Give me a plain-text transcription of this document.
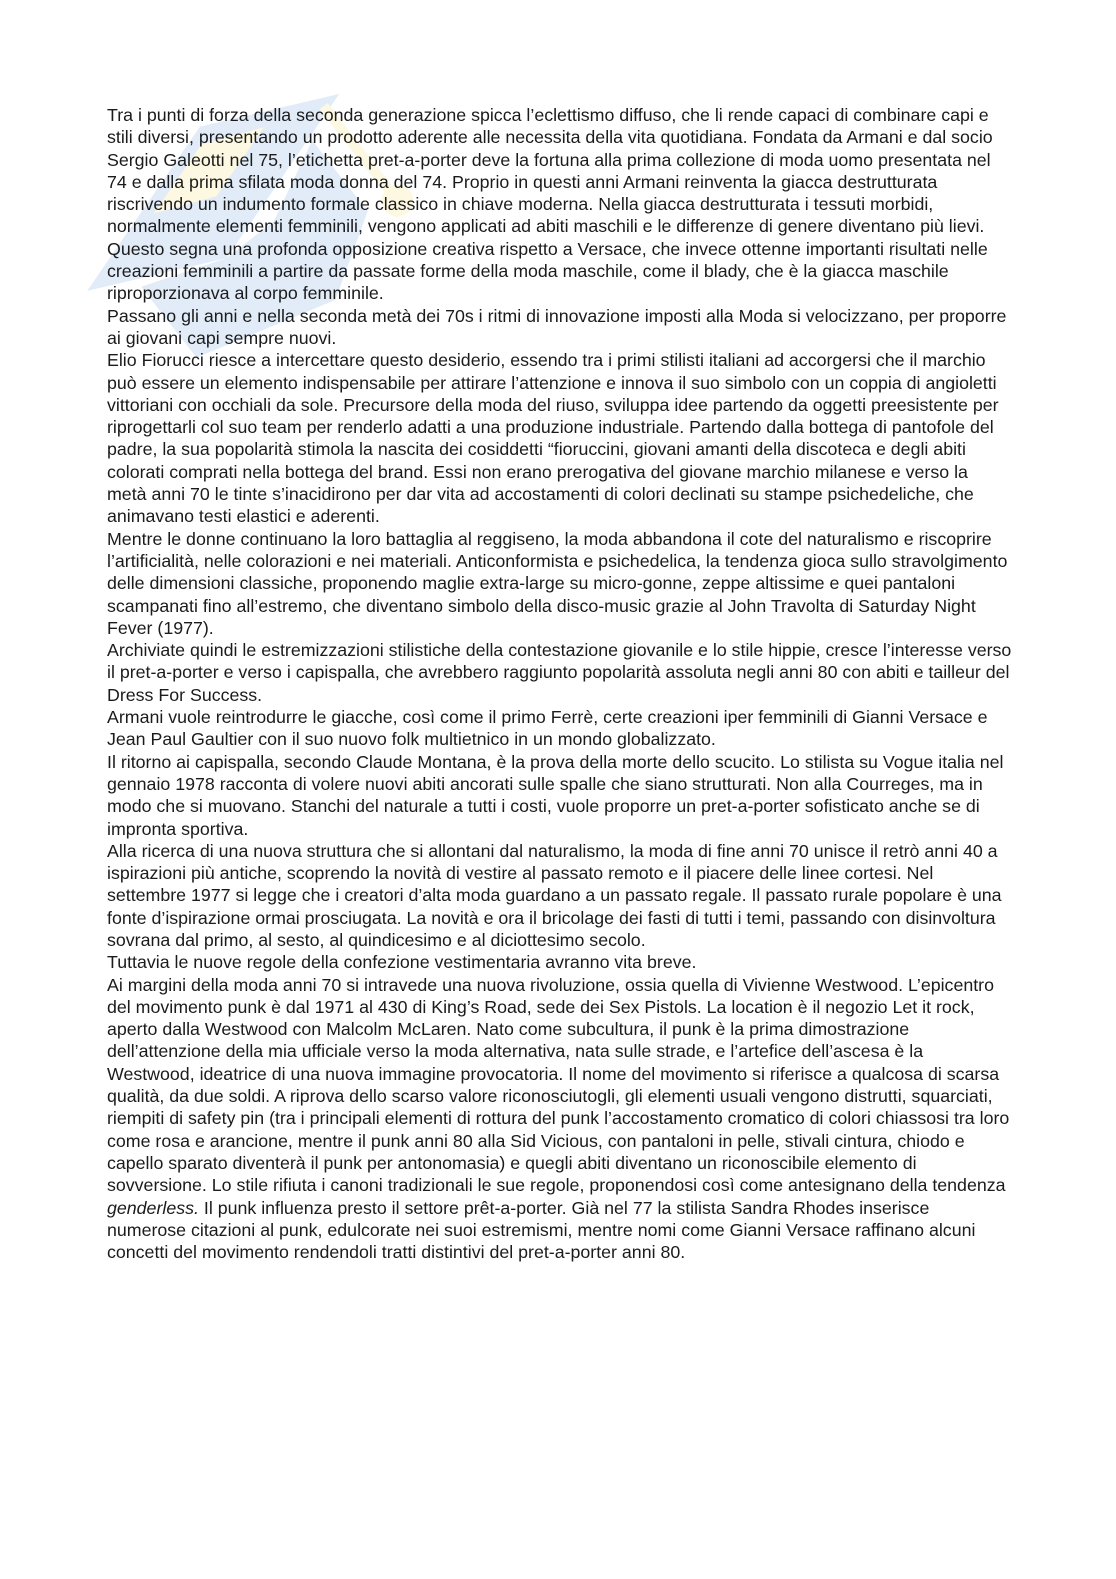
Tra i punti di forza della seconda generazione spicca l’eclettismo diffuso, che li rende capaci di combinare capi e stili diversi, presentando un prodotto aderente alle necessita della vita quotidiana. Fondata da Armani e dal socio Sergio Galeotti nel 75, l’etichetta pret-a-porter deve la fortuna alla prima collezione di moda uomo presentata nel 74 e dalla prima sfilata moda donna del 74. Proprio in questi anni Armani reinventa la giacca destrutturata riscrivendo un indumento formale classico in chiave moderna. Nella giacca destrutturata i tessuti morbidi, normalmente elementi femminili, vengono applicati ad abiti maschili e le differenze di genere diventano più lievi. Questo segna una profonda opposizione creativa rispetto a Versace, che invece ottenne importanti risultati nelle creazioni femminili a partire da passate forme della moda maschile, come il blady, che è la giacca maschile riproporzionava al corpo femminile.

Passano gli anni e nella seconda metà dei 70s i ritmi di innovazione imposti alla Moda si velocizzano, per proporre ai giovani capi sempre nuovi.

Elio Fiorucci riesce a intercettare questo desiderio, essendo tra i primi stilisti italiani ad accorgersi che il marchio può essere un elemento indispensabile per attirare l’attenzione e innova il suo simbolo con un coppia di angioletti vittoriani con occhiali da sole. Precursore della moda del riuso, sviluppa idee partendo da oggetti preesistente per riprogettarli col suo team per renderlo adatti a una produzione industriale. Partendo dalla bottega di pantofole del padre, la sua popolarità stimola la nascita dei cosiddetti “fioruccini, giovani amanti della discoteca e degli abiti colorati comprati nella bottega del brand. Essi non erano prerogativa del giovane marchio milanese e verso la metà anni 70 le tinte s’inacidirono per dar vita ad accostamenti di colori declinati su stampe psichedeliche, che animavano testi elastici e aderenti.

Mentre le donne continuano la loro battaglia al reggiseno, la moda abbandona il cote del naturalismo e riscoprire l’artificialità, nelle colorazioni e nei materiali. Anticonformista e psichedelica, la tendenza gioca sullo stravolgimento delle dimensioni classiche, proponendo maglie extra-large su micro-gonne, zeppe altissime e quei pantaloni scampanati fino all’estremo, che diventano simbolo della disco-music grazie al John Travolta di Saturday Night Fever (1977).

Archiviate quindi le estremizzazioni stilistiche della contestazione giovanile e lo stile hippie, cresce l’interesse verso il pret-a-porter e verso i capispalla, che avrebbero raggiunto popolarità assoluta negli anni 80 con abiti e tailleur del Dress For Success.

Armani vuole reintrodurre le giacche, così come il primo Ferrè, certe creazioni iper femminili di Gianni Versace e Jean Paul Gaultier con il suo nuovo folk multietnico in un mondo globalizzato.

Il ritorno ai capispalla, secondo Claude Montana, è la prova della morte dello scucito. Lo stilista su Vogue italia nel gennaio 1978 racconta di volere nuovi abiti ancorati sulle spalle che siano strutturati. Non alla Courreges, ma in modo che si muovano. Stanchi del naturale a tutti i costi, vuole proporre un pret-a-porter sofisticato anche se di impronta sportiva.

Alla ricerca di una nuova struttura che si allontani dal naturalismo, la moda di fine anni 70 unisce il retrò anni 40 a ispirazioni più antiche, scoprendo la novità di vestire al passato remoto e il piacere delle linee cortesi. Nel settembre 1977 si legge che i creatori d’alta moda guardano a un passato regale. Il passato rurale popolare è una fonte d’ispirazione ormai prosciugata. La novità e ora il bricolage dei fasti di tutti i temi, passando con disinvoltura sovrana dal primo, al sesto, al quindicesimo e al diciottesimo secolo.

Tuttavia le nuove regole della confezione vestimentaria avranno vita breve.

Ai margini della moda anni 70 si intravede una nuova rivoluzione, ossia quella di Vivienne Westwood. L’epicentro del movimento punk è dal 1971 al 430 di King’s Road, sede dei Sex Pistols. La location è il negozio Let it rock, aperto dalla Westwood con Malcolm McLaren. Nato come subcultura, il punk è la prima dimostrazione dell’attenzione della mia ufficiale verso la moda alternativa, nata sulle strade, e l’artefice dell’ascesa è la Westwood, ideatrice di una nuova immagine provocatoria. Il nome del movimento si riferisce a qualcosa di scarsa qualità, da due soldi. A riprova dello scarso valore riconosciutogli, gli elementi usuali vengono distrutti, squarciati, riempiti di safety pin (tra i principali elementi di rottura del punk l’accostamento cromatico di colori chiassosi tra loro come rosa e arancione, mentre il punk anni 80 alla Sid Vicious, con pantaloni in pelle, stivali cintura, chiodo e capello sparato diventerà il punk per antonomasia) e quegli abiti diventano un riconoscibile elemento di sovversione. Lo stile rifiuta i canoni tradizionali le sue regole, proponendosi così come antesignano della tendenza genderless. Il punk influenza presto il settore prêt-a-porter. Già nel 77 la stilista Sandra Rhodes inserisce numerose citazioni al punk, edulcorate nei suoi estremismi, mentre nomi come Gianni Versace raffinano alcuni concetti del movimento rendendoli tratti distintivi del pret-a-porter anni 80.
